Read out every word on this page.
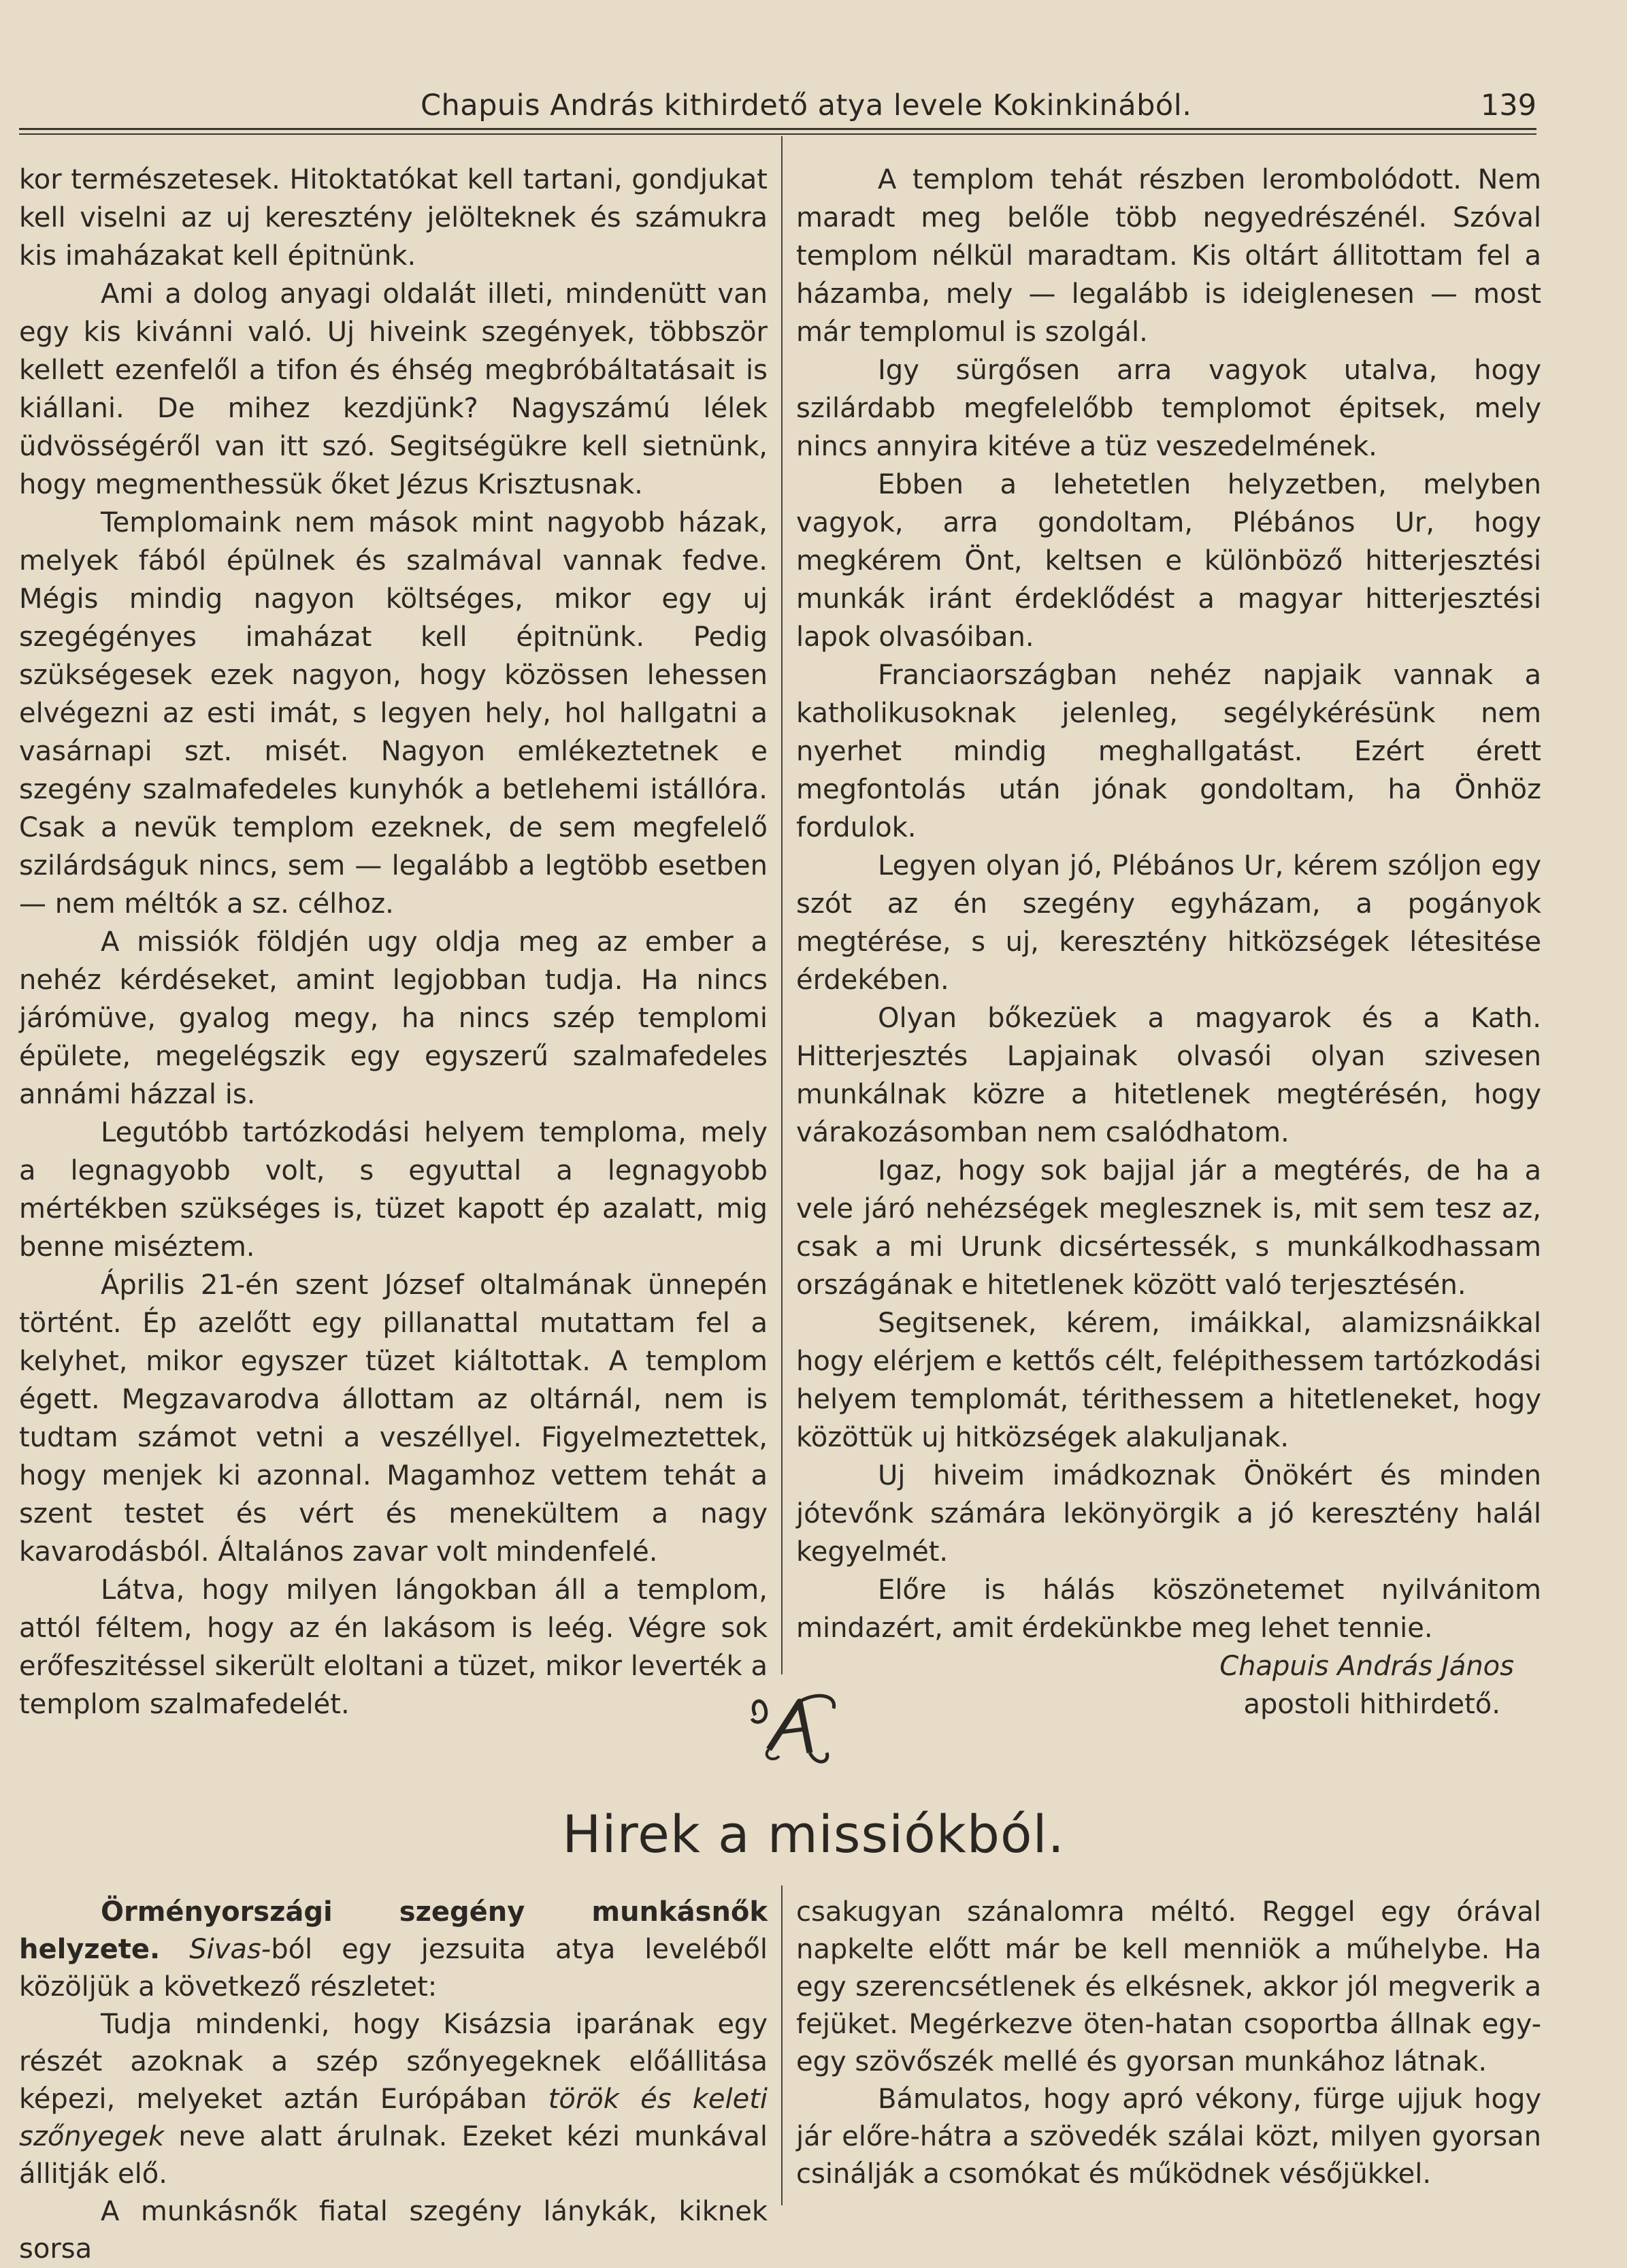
Chapuis András kithirdető atya levele Kokinkinából.	139

kor természetesek. Hitoktatókat kell tartani, gondjukat kell viselni az uj keresztény jelölteknek és számukra kis imaházakat kell épitnünk.

Ami a dolog anyagi oldalát illeti, mindenütt van egy kis kivánni való. Uj hiveink szegények, többször kellett ezenfelől a tifon és éhség megbróbáltatásait is kiállani. De mihez kezdjünk? Nagyszámú lélek üdvösségéről van itt szó. Segitségükre kell sietnünk, hogy megmenthessük őket Jézus Krisztusnak.

Templomaink nem mások mint nagyobb házak, melyek fából épülnek és szalmával vannak fedve. Mégis mindig nagyon költséges, mikor egy uj szegégényes imaházat kell épitnünk. Pedig szükségesek ezek nagyon, hogy közössen lehessen elvégezni az esti imát, s legyen hely, hol hallgatni a vasárnapi szt. misét. Nagyon emlékeztetnek e szegény szalmafedeles kunyhók a betlehemi istállóra. Csak a nevük templom ezeknek, de sem megfelelő szilárdságuk nincs, sem — legalább a legtöbb esetben — nem méltók a sz. célhoz.

A missiók földjén ugy oldja meg az ember a nehéz kérdéseket, amint legjobban tudja. Ha nincs járómüve, gyalog megy, ha nincs szép templomi épülete, megelégszik egy egyszerű szalmafedeles annámi házzal is.

Legutóbb tartózkodási helyem temploma, mely a legnagyobb volt, s egyuttal a legnagyobb mértékben szükséges is, tüzet kapott ép azalatt, mig benne miséztem.

Április 21-én szent József oltalmának ünnepén történt. Ép azelőtt egy pillanattal mutattam fel a kelyhet, mikor egyszer tüzet kiáltottak. A templom égett. Megzavarodva állottam az oltárnál, nem is tudtam számot vetni a veszéllyel. Figyelmeztettek, hogy menjek ki azonnal. Magamhoz vettem tehát a szent testet és vért és menekültem a nagy kavarodásból. Általános zavar volt mindenfelé.

Látva, hogy milyen lángokban áll a templom, attól féltem, hogy az én lakásom is leég. Végre sok erőfeszitéssel sikerült eloltani a tüzet, mikor leverték a templom szalmafedelét.

A templom tehát részben lerombolódott. Nem maradt meg belőle több negyedrészénél. Szóval templom nélkül maradtam. Kis oltárt állitottam fel a házamba, mely — legalább is ideiglenesen — most már templomul is szolgál.

Igy sürgősen arra vagyok utalva, hogy szilárdabb megfelelőbb templomot épitsek, mely nincs annyira kitéve a tüz veszedelmének.

Ebben a lehetetlen helyzetben, melyben vagyok, arra gondoltam, Plébános Ur, hogy megkérem Önt, keltsen e különböző hitterjesztési munkák iránt érdeklődést a magyar hitterjesztési lapok olvasóiban.

Franciaországban nehéz napjaik vannak a katholikusoknak jelenleg, segélykérésünk nem nyerhet mindig meghallgatást. Ezért érett megfontolás után jónak gondoltam, ha Önhöz fordulok.

Legyen olyan jó, Plébános Ur, kérem szóljon egy szót az én szegény egyházam, a pogányok megtérése, s uj, keresztény hitközségek létesitése érdekében.

Olyan bőkezüek a magyarok és a Kath. Hitterjesztés Lapjainak olvasói olyan szivesen munkálnak közre a hitetlenek megtérésén, hogy várakozásomban nem csalódhatom.

Igaz, hogy sok bajjal jár a megtérés, de ha a vele járó nehézségek meglesznek is, mit sem tesz az, csak a mi Urunk dicsértessék, s munkálkodhassam országának e hitetlenek között való terjesztésén.

Segitsenek, kérem, imáikkal, alamizsnáikkal hogy elérjem e kettős célt, felépithessem tartózkodási helyem templomát, térithessem a hitetleneket, hogy közöttük uj hitközségek alakuljanak.

Uj hiveim imádkoznak Önökért és minden jótevőnk számára lekönyörgik a jó keresztény halál kegyelmét.

Előre is hálás köszönetemet nyilvánitom mindazért, amit érdekünkbe meg lehet tennie.

Chapuis András János
apostoli hithirdető.
Hirek a missiókból.

Örményországi szegény munkásnők helyzete. Sivas-ból egy jezsuita atya leveléből közöljük a következő részletet:

Tudja mindenki, hogy Kisázsia iparának egy részét azoknak a szép szőnyegeknek előállitása képezi, melyeket aztán Európában török és keleti szőnyegek neve alatt árulnak. Ezeket kézi munkával állitják elő.

A munkásnők fiatal szegény lánykák, kiknek sorsa

csakugyan szánalomra méltó. Reggel egy órával napkelte előtt már be kell menniök a műhelybe. Ha egy szerencsétlenek és elkésnek, akkor jól megverik a fejüket. Megérkezve öten-hatan csoportba állnak egy-egy szövőszék mellé és gyorsan munkához látnak.

Bámulatos, hogy apró vékony, fürge ujjuk hogy jár előre-hátra a szövedék szálai közt, milyen gyorsan csinálják a csomókat és működnek vésőjükkel.
